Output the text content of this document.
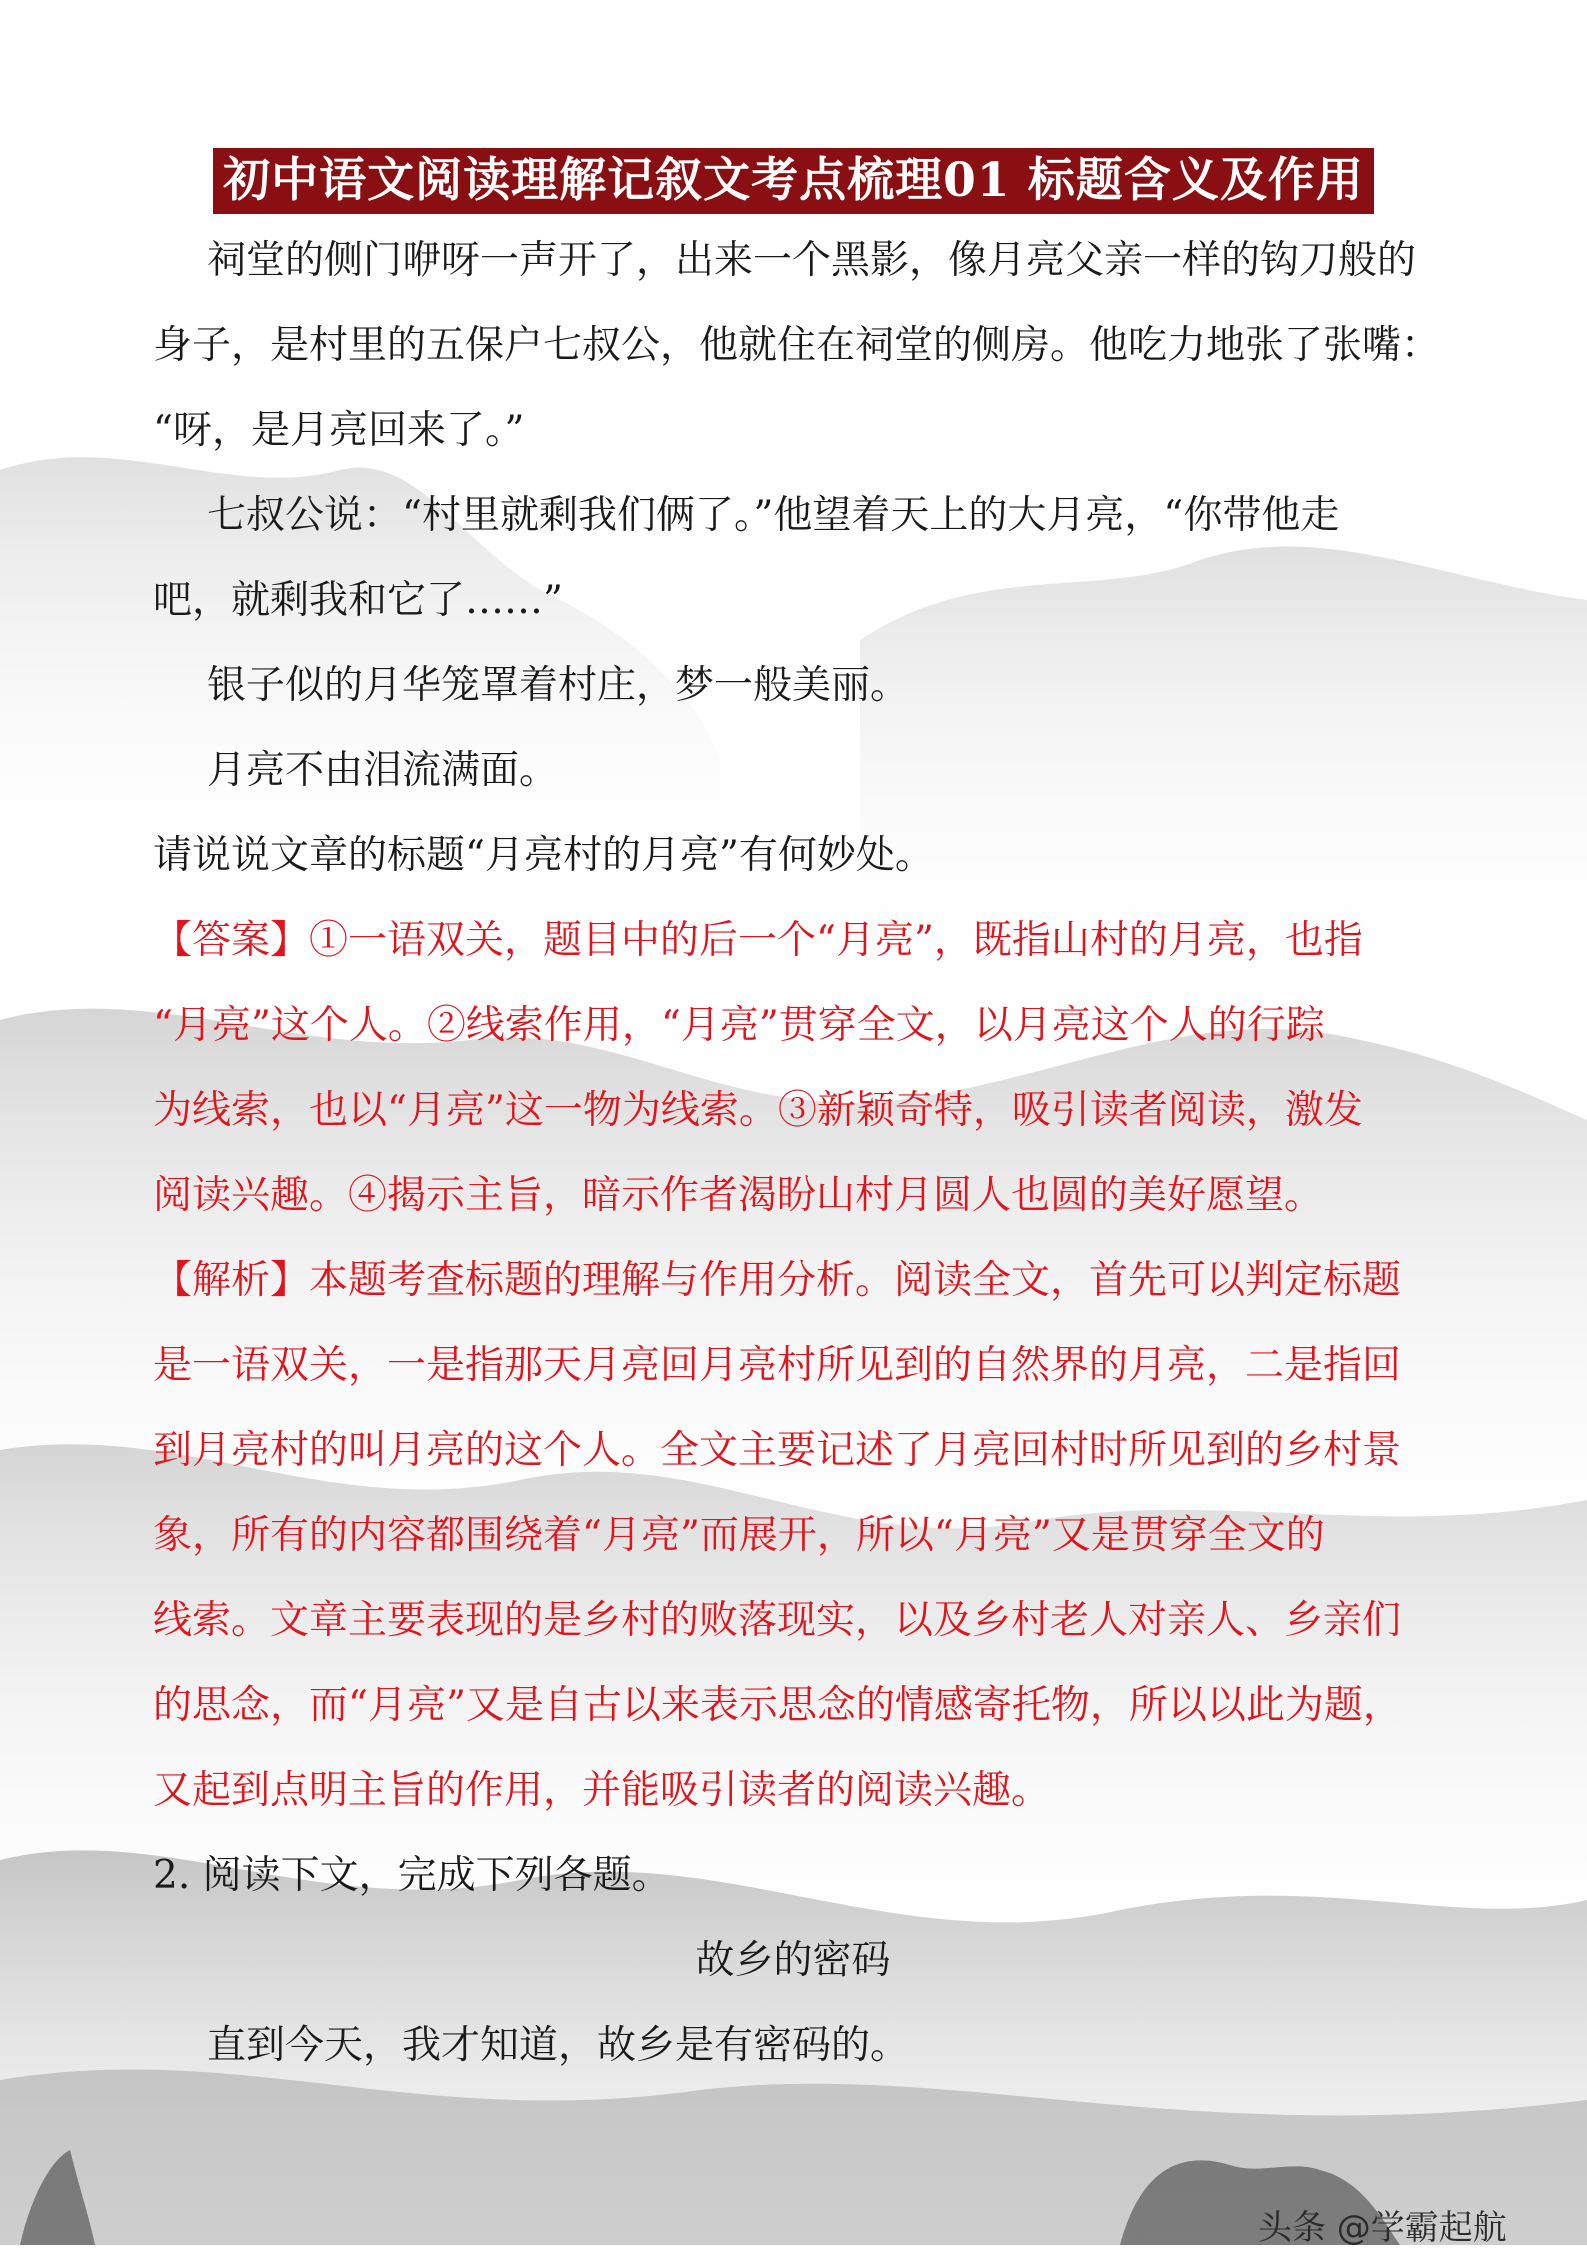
初中语文阅读理解记叙文考点梳理01 标题含义及作用
祠堂的侧门咿呀一声开了，出来一个黑影，像月亮父亲一样的钩刀般的
身子，是村里的五保户七叔公，他就住在祠堂的侧房。他吃力地张了张嘴：
“呀，是月亮回来了。”
七叔公说：“村里就剩我们俩了。”他望着天上的大月亮，“你带他走
吧，就剩我和它了……”
银子似的月华笼罩着村庄，梦一般美丽。
月亮不由泪流满面。
请说说文章的标题“月亮村的月亮”有何妙处。
【答案】①一语双关，题目中的后一个“月亮”，既指山村的月亮，也指
“月亮”这个人。②线索作用，“月亮”贯穿全文，以月亮这个人的行踪
为线索，也以“月亮”这一物为线索。③新颖奇特，吸引读者阅读，激发
阅读兴趣。④揭示主旨，暗示作者渴盼山村月圆人也圆的美好愿望。
【解析】本题考查标题的理解与作用分析。阅读全文，首先可以判定标题
是一语双关，一是指那天月亮回月亮村所见到的自然界的月亮，二是指回
到月亮村的叫月亮的这个人。全文主要记述了月亮回村时所见到的乡村景
象，所有的内容都围绕着“月亮”而展开，所以“月亮”又是贯穿全文的
线索。文章主要表现的是乡村的败落现实，以及乡村老人对亲人、乡亲们
的思念，而“月亮”又是自古以来表示思念的情感寄托物，所以以此为题，
又起到点明主旨的作用，并能吸引读者的阅读兴趣。
2. 阅读下文，完成下列各题。
故乡的密码
直到今天，我才知道，故乡是有密码的。
头条 @学霸起航
